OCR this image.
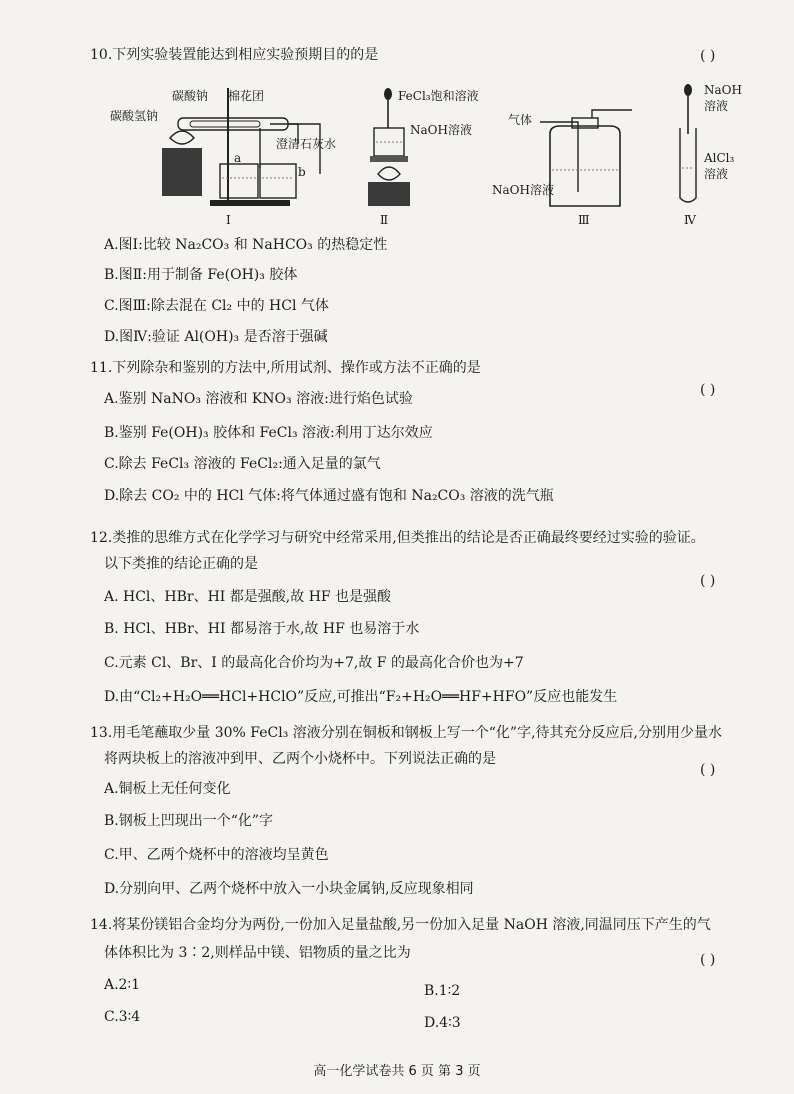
10.下列实验装置能达到相应实验预期目的的是	( )
碳酸钠 棉花团
碳酸氢钠
澄清石灰水
a
b
Ⅰ
FeCl₃饱和溶液
NaOH溶液
Ⅱ
气体
NaOH溶液
Ⅲ
NaOH
溶液
AlCl₃
溶液
Ⅳ
A.图Ⅰ:比较 Na₂CO₃ 和 NaHCO₃ 的热稳定性
B.图Ⅱ:用于制备 Fe(OH)₃ 胶体
C.图Ⅲ:除去混在 Cl₂ 中的 HCl 气体
D.图Ⅳ:验证 Al(OH)₃ 是否溶于强碱
11.下列除杂和鉴别的方法中,所用试剂、操作或方法不正确的是
( )
A.鉴别 NaNO₃ 溶液和 KNO₃ 溶液:进行焰色试验
B.鉴别 Fe(OH)₃ 胶体和 FeCl₃ 溶液:利用丁达尔效应
C.除去 FeCl₃ 溶液的 FeCl₂:通入足量的氯气
D.除去 CO₂ 中的 HCl 气体:将气体通过盛有饱和 Na₂CO₃ 溶液的洗气瓶
12.类推的思维方式在化学学习与研究中经常采用,但类推出的结论是否正确最终要经过实验的验证。
以下类推的结论正确的是
( )
A. HCl、HBr、HI 都是强酸,故 HF 也是强酸
B. HCl、HBr、HI 都易溶于水,故 HF 也易溶于水
C.元素 Cl、Br、I 的最高化合价均为+7,故 F 的最高化合价也为+7
D.由“Cl₂+H₂O══HCl+HClO”反应,可推出“F₂+H₂O══HF+HFO”反应也能发生
13.用毛笔蘸取少量 30% FeCl₃ 溶液分别在铜板和钢板上写一个“化”字,待其充分反应后,分别用少量水
将两块板上的溶液冲到甲、乙两个小烧杯中。下列说法正确的是
( )
A.铜板上无任何变化
B.钢板上凹现出一个“化”字
C.甲、乙两个烧杯中的溶液均呈黄色
D.分别向甲、乙两个烧杯中放入一小块金属钠,反应现象相同
14.将某份镁铝合金均分为两份,一份加入足量盐酸,另一份加入足量 NaOH 溶液,同温同压下产生的气
体体积比为 3∶2,则样品中镁、铝物质的量之比为	( )
A.2∶1	B.1∶2
C.3∶4	D.4∶3
高一化学试卷共 6 页 第 3 页
